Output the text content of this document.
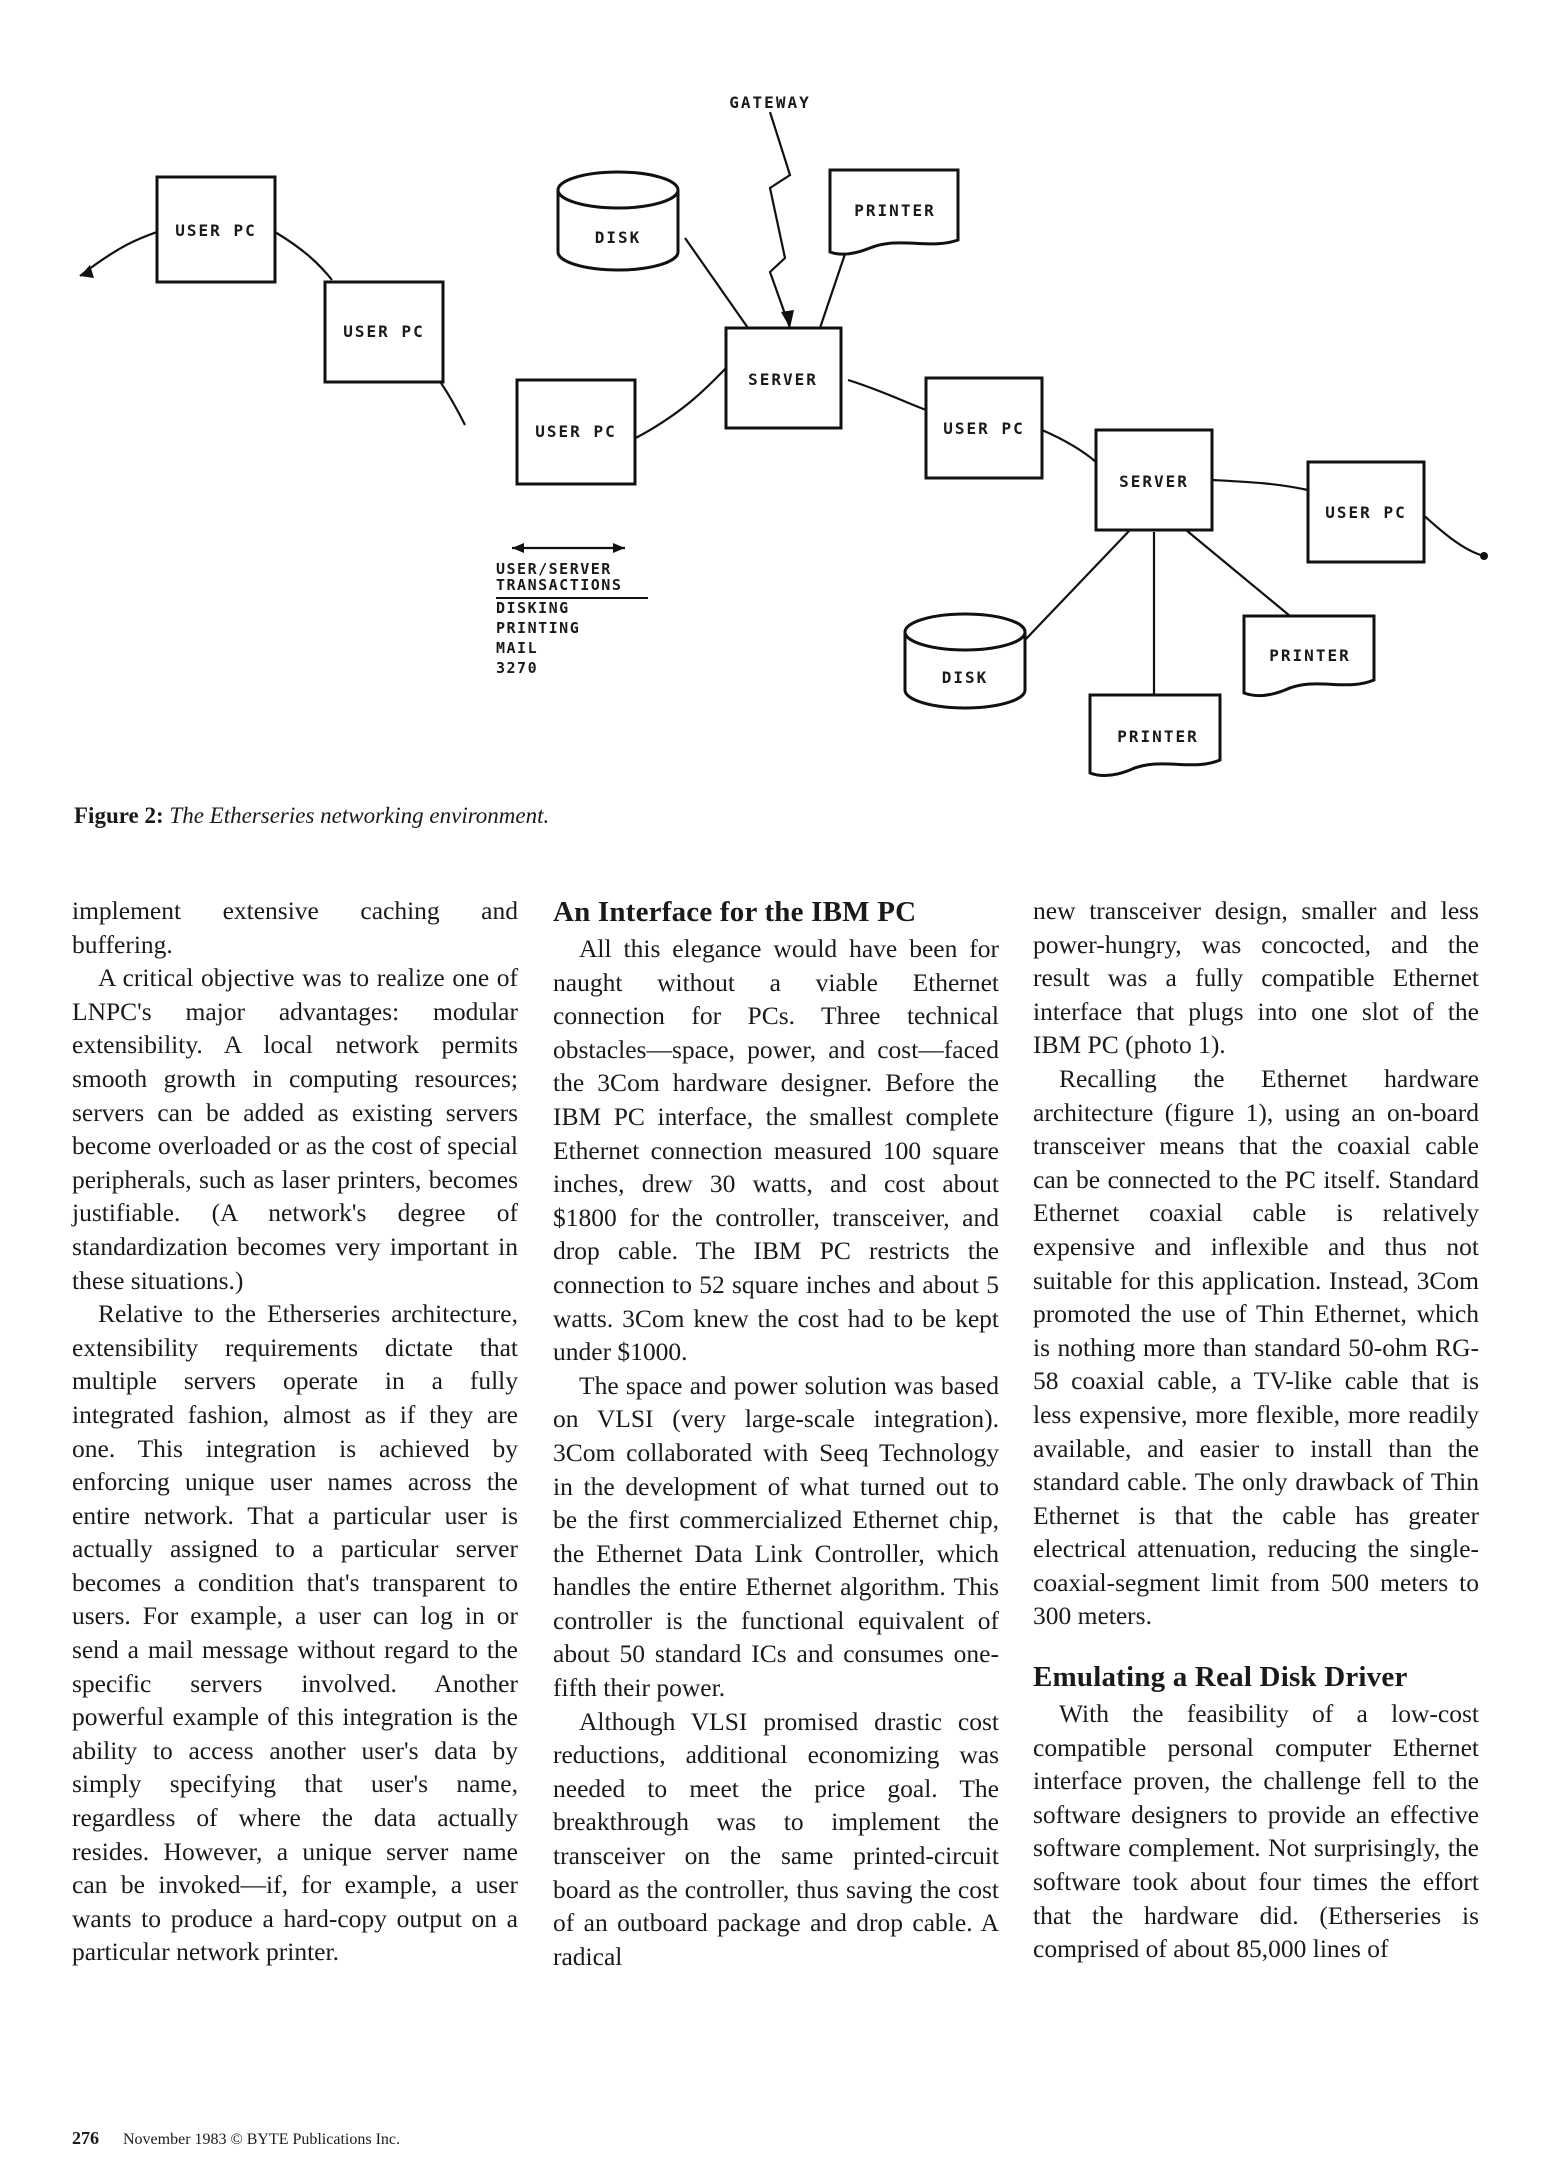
USER PC
USER PC
USER PC
SERVER
USER PC
SERVER
USER PC
DISK
DISK
PRINTER
PRINTER
PRINTER
GATEWAY
USER/SERVER
TRANSACTIONS
DISKING
PRINTING
MAIL
3270
Figure 2: The Etherseries networking environment.

implement extensive caching and buffering.

A critical objective was to realize one of LNPC's major advantages: modular extensibility. A local network permits smooth growth in computing resources; servers can be added as existing servers become overloaded or as the cost of special peripherals, such as laser printers, becomes justifiable. (A network's degree of standardization becomes very important in these situations.)

Relative to the Etherseries architecture, extensibility requirements dictate that multiple servers operate in a fully integrated fashion, almost as if they are one. This integration is achieved by enforcing unique user names across the entire network. That a particular user is actually assigned to a particular server becomes a condition that's transparent to users. For example, a user can log in or send a mail message without regard to the specific servers involved. Another powerful example of this integration is the ability to access another user's data by simply specifying that user's name, regardless of where the data actually resides. However, a unique server name can be invoked—if, for example, a user wants to produce a hard-copy output on a particular network printer.

An Interface for the IBM PC

All this elegance would have been for naught without a viable Ethernet connection for PCs. Three technical obstacles—space, power, and cost—faced the 3Com hardware designer. Before the IBM PC interface, the smallest complete Ethernet connection measured 100 square inches, drew 30 watts, and cost about $1800 for the controller, transceiver, and drop cable. The IBM PC restricts the connection to 52 square inches and about 5 watts. 3Com knew the cost had to be kept under $1000.

The space and power solution was based on VLSI (very large-scale integration). 3Com collaborated with Seeq Technology in the development of what turned out to be the first commercialized Ethernet chip, the Ethernet Data Link Controller, which handles the entire Ethernet algorithm. This controller is the functional equivalent of about 50 standard ICs and consumes one-fifth their power.

Although VLSI promised drastic cost reductions, additional economizing was needed to meet the price goal. The breakthrough was to implement the transceiver on the same printed-circuit board as the controller, thus saving the cost of an outboard package and drop cable. A radical

new transceiver design, smaller and less power-hungry, was concocted, and the result was a fully compatible Ethernet interface that plugs into one slot of the IBM PC (photo 1).

Recalling the Ethernet hardware architecture (figure 1), using an on-board transceiver means that the coaxial cable can be connected to the PC itself. Standard Ethernet coaxial cable is relatively expensive and inflexible and thus not suitable for this application. Instead, 3Com promoted the use of Thin Ethernet, which is nothing more than standard 50-ohm RG-58 coaxial cable, a TV-like cable that is less expensive, more flexible, more readily available, and easier to install than the standard cable. The only drawback of Thin Ethernet is that the cable has greater electrical attenuation, reducing the single-coaxial-segment limit from 500 meters to 300 meters.

Emulating a Real Disk Driver

With the feasibility of a low-cost compatible personal computer Ethernet interface proven, the challenge fell to the software designers to provide an effective software complement. Not surprisingly, the software took about four times the effort that the hardware did. (Etherseries is comprised of about 85,000 lines of

276 November 1983 © BYTE Publications Inc.
